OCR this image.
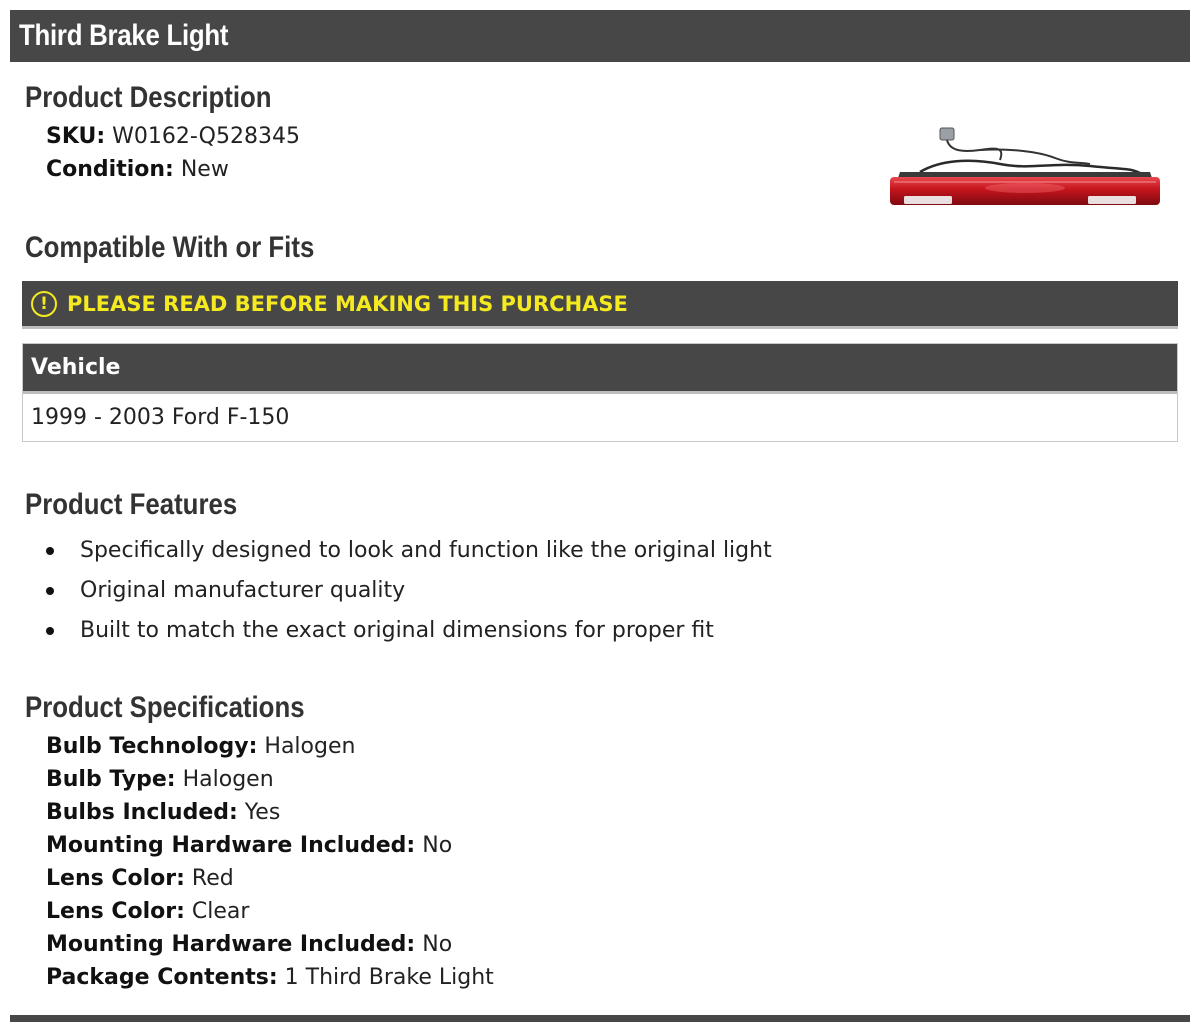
Third Brake Light
Product Description
SKU: W0162-Q528345
Condition: New
Compatible With or Fits
! PLEASE READ BEFORE MAKING THIS PURCHASE
Vehicle
1999 - 2003 Ford F-150
Product Features
Specifically designed to look and function like the original light
Original manufacturer quality
Built to match the exact original dimensions for proper fit
Product Specifications
Bulb Technology: Halogen
Bulb Type: Halogen
Bulbs Included: Yes
Mounting Hardware Included: No
Lens Color: Red
Lens Color: Clear
Mounting Hardware Included: No
Package Contents: 1 Third Brake Light
